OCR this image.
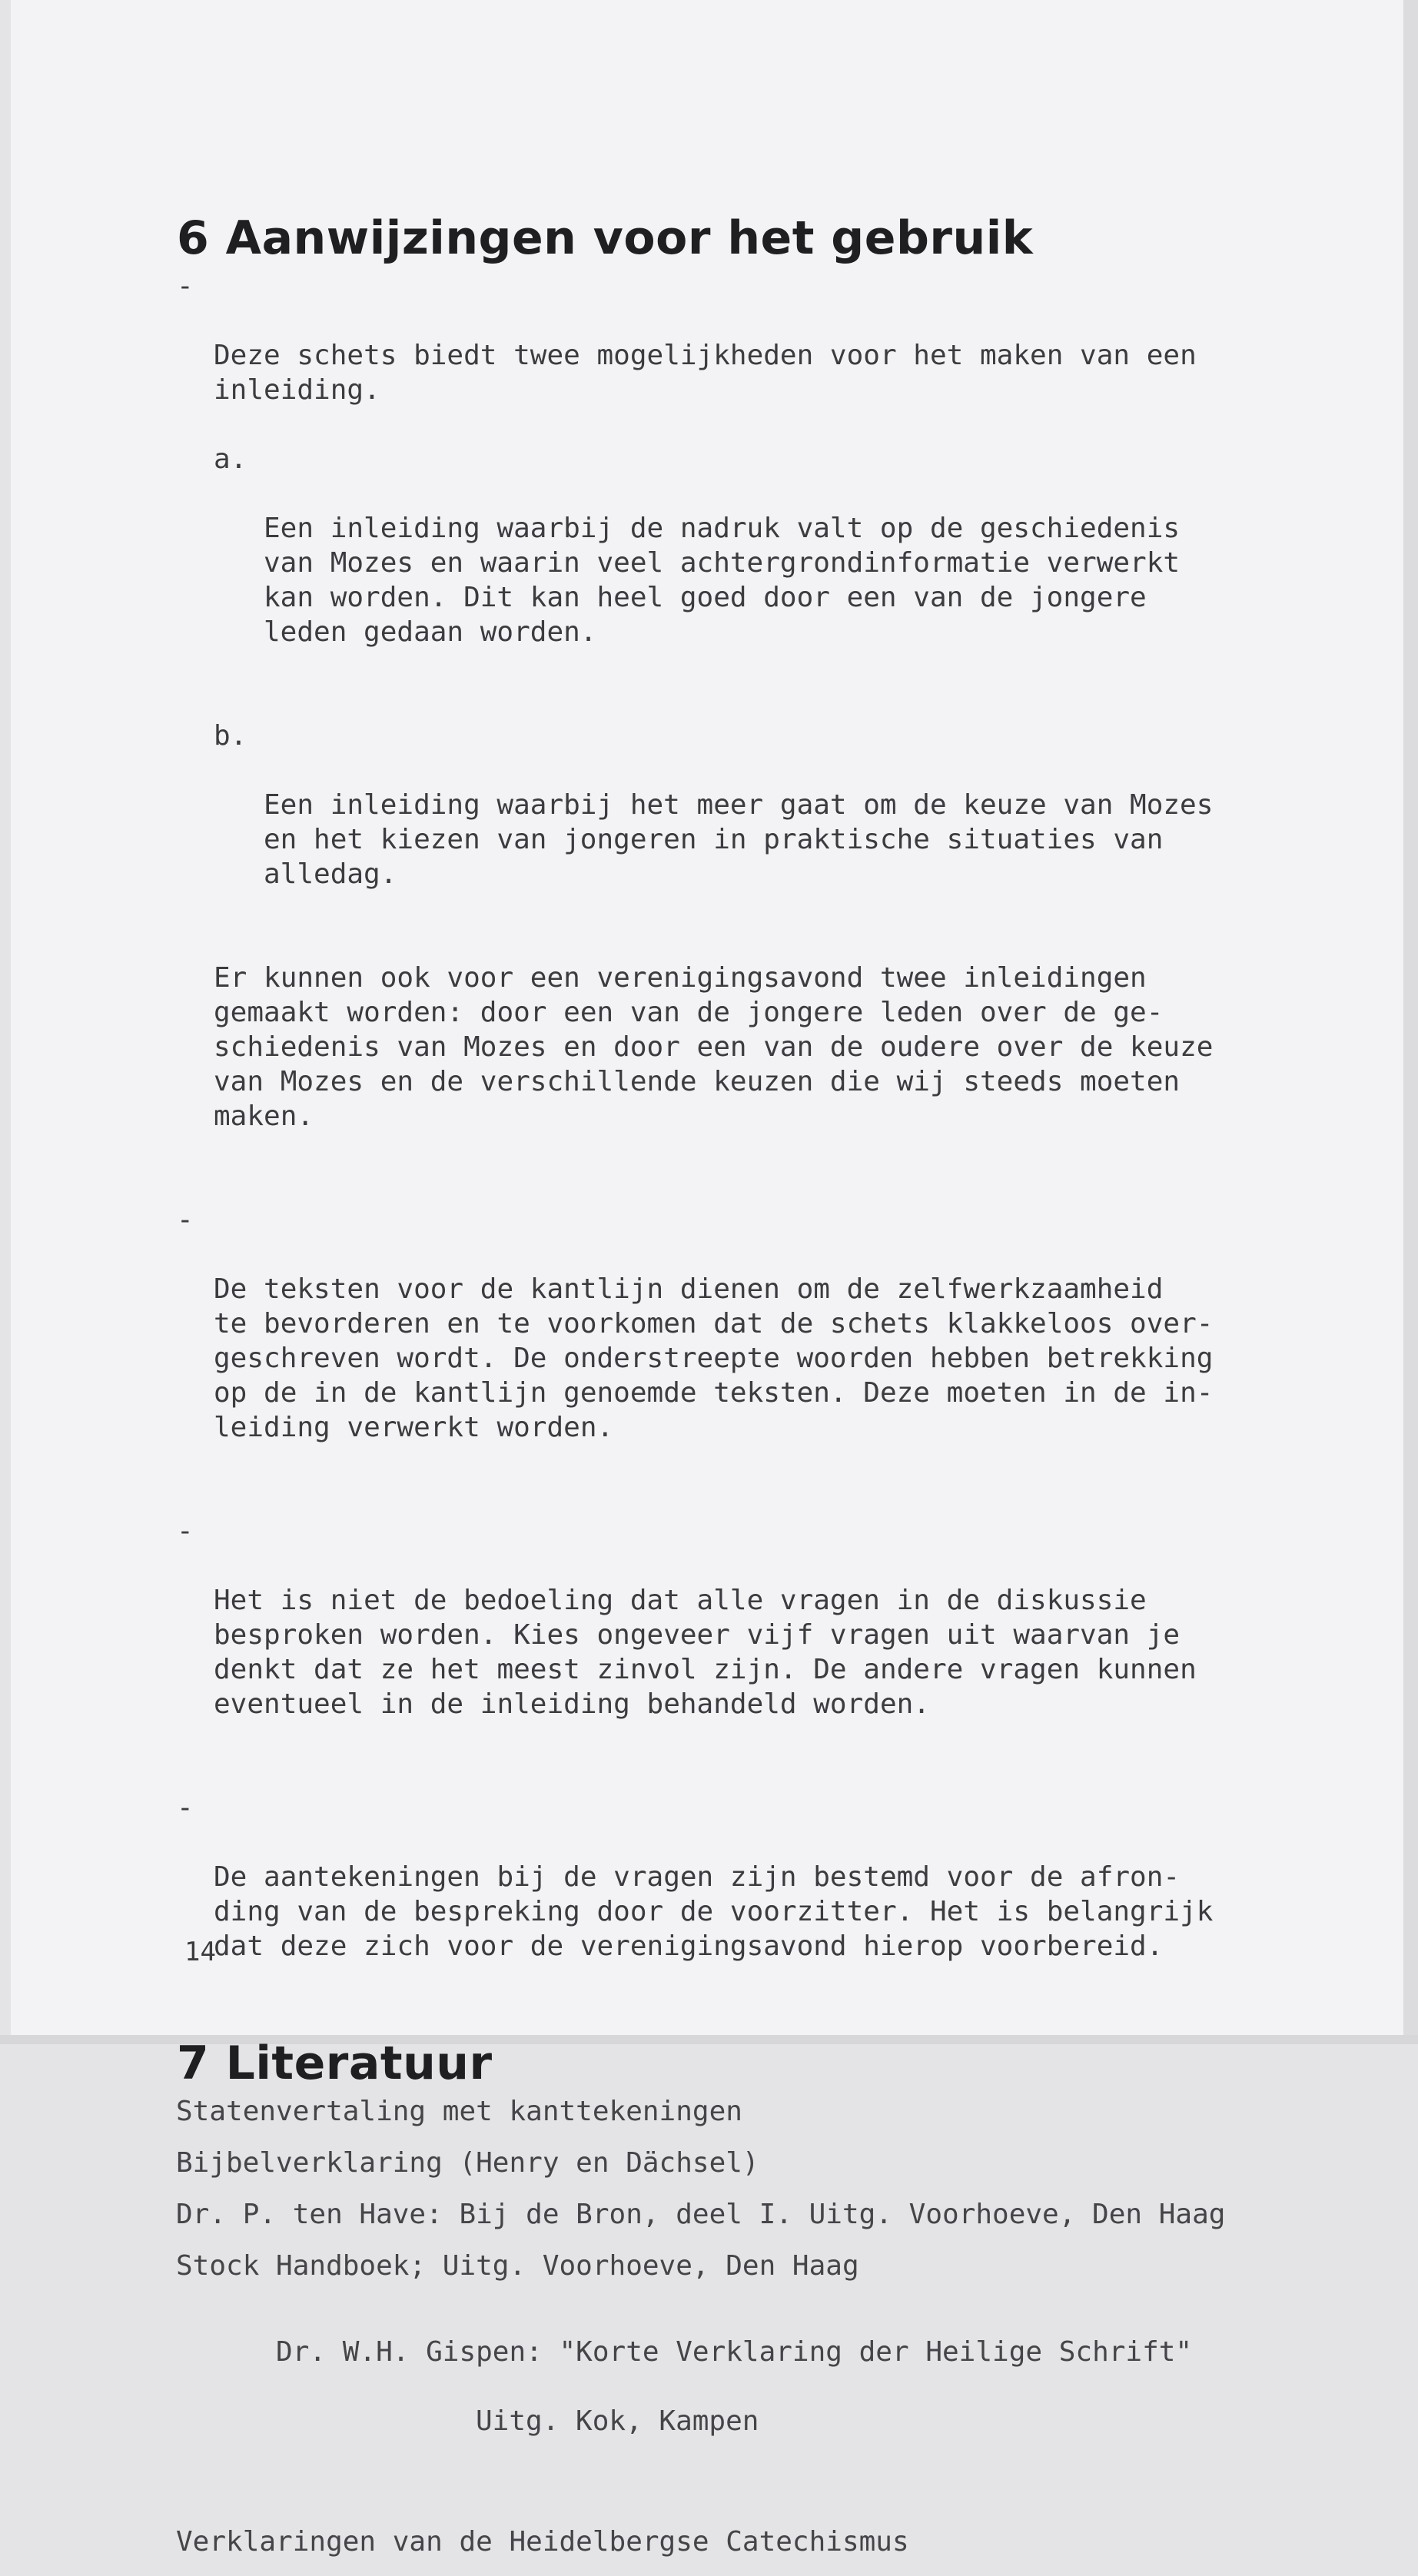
6 Aanwijzingen voor het gebruik

-

Deze schets biedt twee mogelijkheden voor het maken van een
inleiding.

a.

Een inleiding waarbij de nadruk valt op de geschiedenis
van Mozes en waarin veel achtergrondinformatie verwerkt
kan worden. Dit kan heel goed door een van de jongere
leden gedaan worden.

b.

Een inleiding waarbij het meer gaat om de keuze van Mozes
en het kiezen van jongeren in praktische situaties van
alledag.

Er kunnen ook voor een verenigingsavond twee inleidingen
gemaakt worden: door een van de jongere leden over de ge-
schiedenis van Mozes en door een van de oudere over de keuze
van Mozes en de verschillende keuzen die wij steeds moeten
maken.

-

De teksten voor de kantlijn dienen om de zelfwerkzaamheid
te bevorderen en te voorkomen dat de schets klakkeloos over-
geschreven wordt. De onderstreepte woorden hebben betrekking
op de in de kantlijn genoemde teksten. Deze moeten in de in-
leiding verwerkt worden.

-

Het is niet de bedoeling dat alle vragen in de diskussie
besproken worden. Kies ongeveer vijf vragen uit waarvan je
denkt dat ze het meest zinvol zijn. De andere vragen kunnen
eventueel in de inleiding behandeld worden.

-

De aantekeningen bij de vragen zijn bestemd voor de afron-
ding van de bespreking door de voorzitter. Het is belangrijk
dat deze zich voor de verenigingsavond hierop voorbereid.

7 Literatuur
Statenvertaling met kanttekeningen
Bijbelverklaring (Henry en Dächsel)
Dr. P. ten Have: Bij de Bron, deel I. Uitg. Voorhoeve, Den Haag
Stock Handboek; Uitg. Voorhoeve, Den Haag

Dr. W.H. Gispen: "Korte Verklaring der Heilige Schrift"

Uitg. Kok, Kampen

Verklaringen van de Heidelbergse Catechismus
14
